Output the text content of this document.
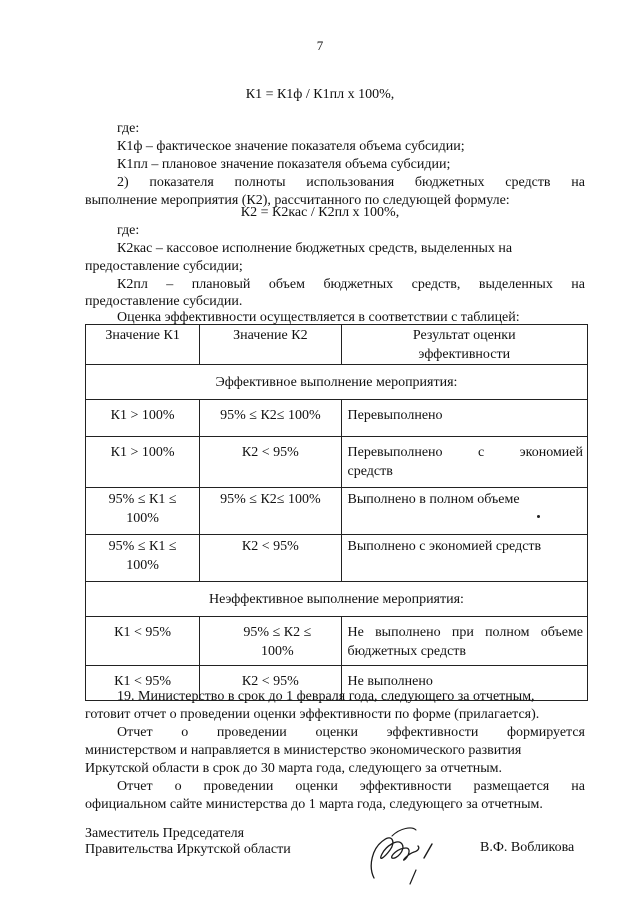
7
К1 = К1ф / К1пл х 100%,
где:
К1ф – фактическое значение показателя объема субсидии;
К1пл – плановое значение показателя объема субсидии;
2) показателя полноты использования бюджетных средств на
выполнение мероприятия (К2), рассчитанного по следующей формуле:
К2 = К2кас / К2пл х 100%,
где:
К2кас – кассовое исполнение бюджетных средств, выделенных на
предоставление субсидии;
К2пл – плановый объем бюджетных средств, выделенных на
предоставление субсидии.
Оценка эффективности осуществляется в соответствии с таблицей:
Значение К1	Значение К2	Результат оценки эффективности
Эффективное выполнение мероприятия:		
К1 > 100%	95% ≤ К2≤ 100%	Перевыполнено
К1 > 100%	К2 < 95%	Перевыполнено с экономией
средств

95% ≤ К1 ≤ 100%	95% ≤ К2≤ 100%	Выполнено в полном объеме
95% ≤ К1 ≤ 100%	К2 < 95%	Выполнено с экономией средств
Неэффективное выполнение мероприятия:		
К1 < 95%	95% ≤ К2 ≤ 100%	Не выполнено при полном объеме
бюджетных средств

К1 < 95%	К2 < 95%	Не выполнено
19. Министерство в срок до 1 февраля года, следующего за отчетным,
готовит отчет о проведении оценки эффективности по форме (прилагается).
Отчет о проведении оценки эффективности формируется
министерством и направляется в министерство экономического развития
Иркутской области в срок до 30 марта года, следующего за отчетным.
Отчет о проведении оценки эффективности размещается на
официальном сайте министерства до 1 марта года, следующего за отчетным.
Заместитель Председателя
Правительства Иркутской области	В.Ф. Вобликова
